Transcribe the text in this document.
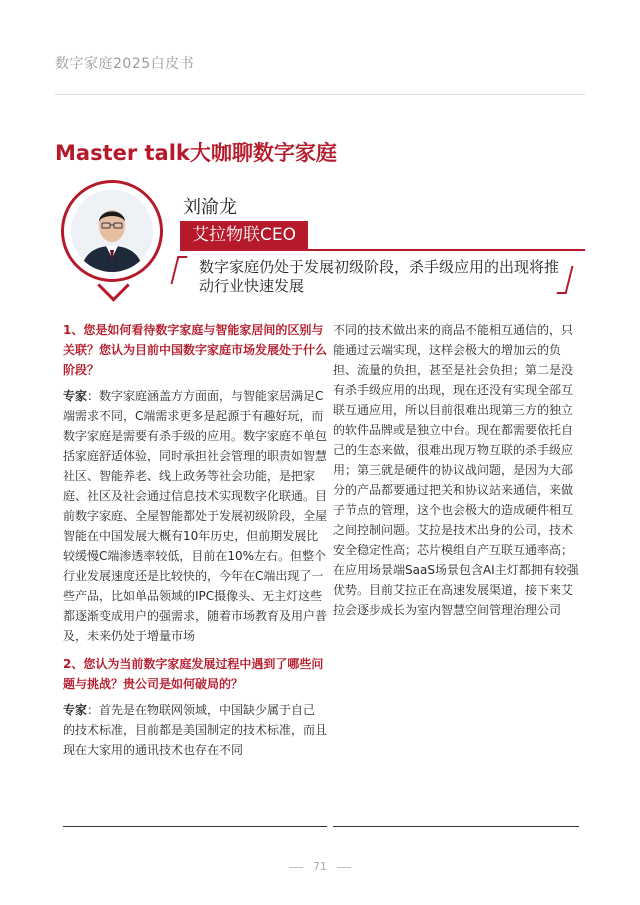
数字家庭2025白皮书
Master talk大咖聊数字家庭
刘渝龙
艾拉物联CEO
数字家庭仍处于发展初级阶段，杀手级应用的出现将推动行业快速发展
1、您是如何看待数字家庭与智能家居间的区别与关联？您认为目前中国数字家庭市场发展处于什么阶段？
专家：数字家庭涵盖方方面面，与智能家居满足C端需求不同，C端需求更多是起源于有趣好玩，而数字家庭是需要有杀手级的应用。数字家庭不单包括家庭舒适体验，同时承担社会管理的职责如智慧社区、智能养老、线上政务等社会功能，是把家庭、社区及社会通过信息技术实现数字化联通。目前数字家庭、全屋智能都处于发展初级阶段，全屋智能在中国发展大概有10年历史，但前期发展比较缓慢C端渗透率较低，目前在10%左右。但整个行业发展速度还是比较快的，今年在C端出现了一些产品，比如单品领域的IPC摄像头、无主灯这些都逐渐变成用户的强需求，随着市场教育及用户普及，未来仍处于增量市场
2、您认为当前数字家庭发展过程中遇到了哪些问题与挑战？贵公司是如何破局的？
专家：首先是在物联网领域，中国缺少属于自己的技术标准，目前都是美国制定的技术标准，而且现在大家用的通讯技术也存在不同
不同的技术做出来的商品不能相互通信的，只能通过云端实现，这样会极大的增加云的负担、流量的负担，甚至是社会负担；第二是没有杀手级应用的出现，现在还没有实现全部互联互通应用，所以目前很难出现第三方的独立的软件品牌或是独立中台。现在都需要依托自己的生态来做，很难出现万物互联的杀手级应用；第三就是硬件的协议战问题，是因为大部分的产品都要通过把关和协议站来通信，来做子节点的管理，这个也会极大的造成硬件相互之间控制问题。艾拉是技术出身的公司，技术安全稳定性高；芯片模组自产互联互通率高；在应用场景端SaaS场景包含AI主灯都拥有较强优势。目前艾拉正在高速发展渠道，接下来艾拉会逐步成长为室内智慧空间管理治理公司
71
